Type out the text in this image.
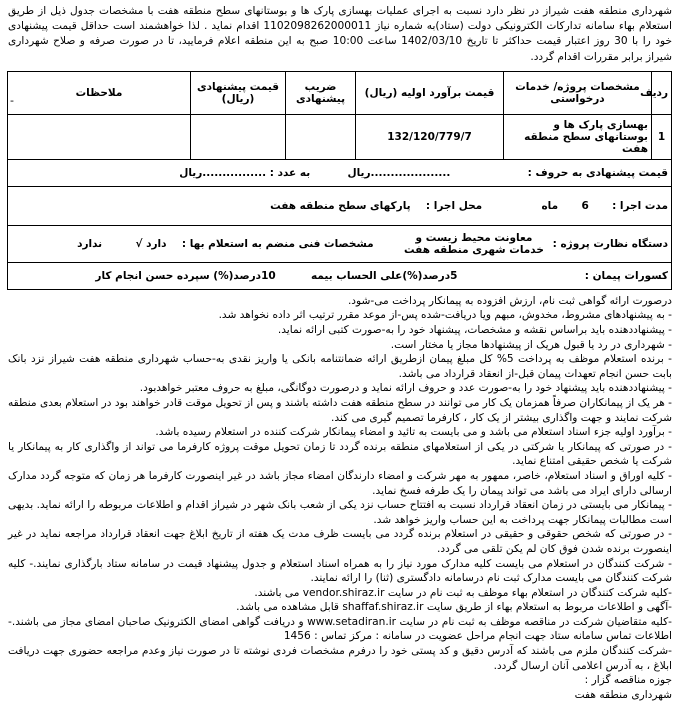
شهرداری منطقه هفت شیراز در نظر دارد نسبت به اجرای عملیات بهسازی پارک ها و بوستانهای سطح منطقه هفت با مشخصات جدول ذیل از طریق استعلام بهاء سامانه تدارکات الکترونیکی دولت (ستاد)به شماره نیاز 1102098262000011 اقدام نماید . لذا خواهشمند است حداقل قیمت پیشنهادی خود را با 30 روز اعتبار قیمت حداکثر تا تاریخ 1402/03/10 ساعت 10:00 صبح به این منطقه اعلام فرمایید، تا در صورت صرفه و صلاح شهرداری شیراز برابر مقررات اقدام گردد.

-
ردیف	مشخصات پروژه/ خدمات درخواستی	قیمت برآورد اولیه (ریال)	ضریب پیشنهادی	قیمت پیشنهادی (ریال)	ملاحظات
1	بهسازی پارک ها و بوستانهای سطح منطقه هفت	132/120/779/7			
قیمت پیشنهادی به حروف :  ....................ریال  به عدد : ................ریال					
مدت اجرا :  6  ماه  محل اجرا :  پارکهای سطح منطقه هفت					
دستگاه نظارت پروژه : معاونت محیط زیست و خدمات شهری منطقه هفت  مشخصات فنی منضم به استعلام بها :  دارد √  ندارد					
کسورات پیمان :  5درصد(%)علی الحساب بیمه  10درصد(%) سپرده حسن انجام کار					
درصورت ارائه گواهی ثبت نام، ارزش افزوده به پیمانکار پرداخت می-شود.
- به پیشنهادهای مشروط، مخدوش، مبهم ویا دریافت-شده پس-از موعد مقرر ترتیب اثر داده نخواهد شد.
- پیشنهاددهنده باید براساس نقشه و مشخصات، پیشنهاد خود را به-صورت کتبی ارائه نماید.
- شهرداری در رد یا قبول هریک از پیشنهادها مجاز یا مختار است.
- برنده استعلام موظف به پرداخت 5% کل مبلغ پیمان ازطریق ارائه ضمانتنامه بانکی یا واریز نقدی به-حساب شهرداری منطقه هفت شیراز نزد بانک بابت حسن انجام تعهدات پیمان قبل-از انعقاد قرارداد می باشد.
- پیشنهاددهنده باید پیشنهاد خود را به-صورت عدد و حروف ارائه نماید و درصورت دوگانگی، مبلغ به حروف معتبر خواهدبود.
- هر یک از پیمانکاران صرفاً همزمان یک کار می توانند در سطح منطقه هفت داشته باشند و پس از تحویل موقت قادر خواهند بود در استعلام بعدی منطقه شرکت نمایند و جهت واگذاری بیشتر از یک کار ، کارفرما تصمیم گیری می کند.
- برآورد اولیه جزء اسناد استعلام می باشد و می بایست به تائید و امضاء پیمانکار شرکت کننده در استعلام رسیده باشد.
- در صورتی که پیمانکار یا شرکتی در یکی از استعلامهای منطقه برنده گردد تا زمان تحویل موقت پروژه کارفرما می تواند از واگذاری کار به پیمانکار یا شرکت یا شخص حقیقی امتناع نماید.
- کلیه اوراق و اسناد استعلام، خاصر، ممهور به مهر شرکت و امضاء دارندگان امضاء مجاز باشد در غیر اینصورت کارفرما هر زمان که متوجه گردد مدارک ارسالی دارای ایراد می باشد می تواند پیمان را یک طرفه فسخ نماید.
- پیمانکار می بایستی در زمان انعقاد قرارداد نسبت به افتتاح حساب نزد یکی از شعب بانک شهر در شیراز اقدام و اطلاعات مربوطه را ارائه نماید. بدیهی است مطالبات پیمانکار جهت پرداخت به این حساب واریز خواهد شد.
- در صورتی که شخص حقوقی و حقیقی در استعلام برنده گردد می بایست ظرف مدت یک هفته از تاریخ ابلاغ جهت انعقاد قرارداد مراجعه نماید در غیر اینصورت برنده شدن فوق کان لم یکن تلقی می گردد.
- شرکت کنندگان در استعلام می بایست کلیه مدارک مورد نیاز را به همراه اسناد استعلام و جدول پیشنهاد قیمت در سامانه ستاد بارگذاری نمایند.- کلیه شرکت کنندگان می بایست مدارک ثبت نام درسامانه دادگستری (ثنا) را ارائه نمایند.
-کلیه شرکت کنندگان در استعلام بهاء موظف به ثبت نام در سایت vendor.shiraz.ir می باشند.
-آگهی و اطلاعات مربوط به استعلام بهاء از طریق سایت shaffaf.shiraz.ir قابل مشاهده می باشد.
-کلیه متقاضیان شرکت در مناقصه موظف به ثبت نام در سایت www.setadiran.ir و دریافت گواهی امضای الکترونیک صاحبان امضای مجاز می باشند.-اطلاعات تماس سامانه ستاد جهت انجام مراحل عضویت در سامانه : مرکز تماس : 1456
-شرکت کنندگان ملزم می باشند که آدرس دقیق و کد پستی خود را درفرم مشخصات فردی نوشته تا در صورت نیاز وعدم مراجعه حضوری جهت دریافت ابلاغ ، به آدرس اعلامی آنان ارسال گردد.
جوزه مناقصه گزار :
شهرداری منطقه هفت
